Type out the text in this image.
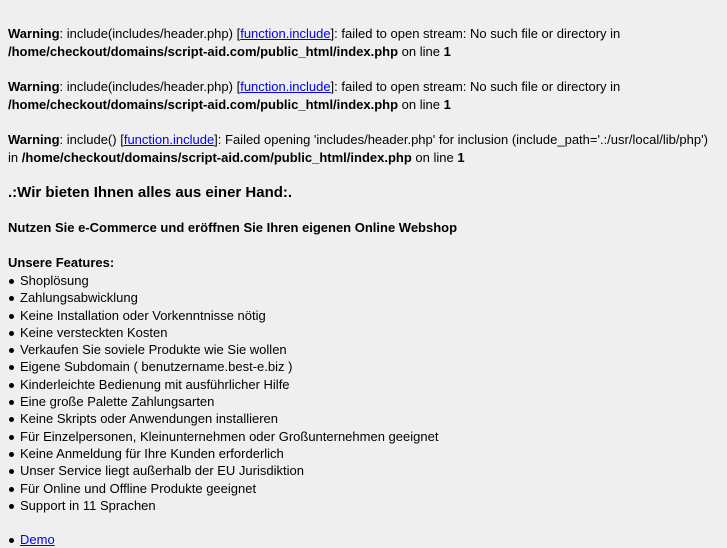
Warning: include(includes/header.php) [function.include]: failed to open stream: No such file or directory in
/home/checkout/domains/script-aid.com/public_html/index.php on line 1
Warning: include(includes/header.php) [function.include]: failed to open stream: No such file or directory in
/home/checkout/domains/script-aid.com/public_html/index.php on line 1
Warning: include() [function.include]: Failed opening 'includes/header.php' for inclusion (include_path='.:/usr/local/lib/php')
in /home/checkout/domains/script-aid.com/public_html/index.php on line 1
.:Wir bieten Ihnen alles aus einer Hand:.
Nutzen Sie e-Commerce und eröffnen Sie Ihren eigenen Online Webshop

Unsere Features:

Shoplösung
Zahlungsabwicklung
Keine Installation oder Vorkenntnisse nötig
Keine versteckten Kosten
Verkaufen Sie soviele Produkte wie Sie wollen
Eigene Subdomain ( benutzername.best-e.biz )
Kinderleichte Bedienung mit ausführlicher Hilfe
Eine große Palette Zahlungsarten
Keine Skripts oder Anwendungen installieren
Für Einzelpersonen, Kleinunternehmen oder Großunternehmen geeignet
Keine Anmeldung für Ihre Kunden erforderlich
Unser Service liegt außerhalb der EU Jurisdiktion
Für Online und Offline Produkte geeignet
Support in 11 Sprachen
Demo
